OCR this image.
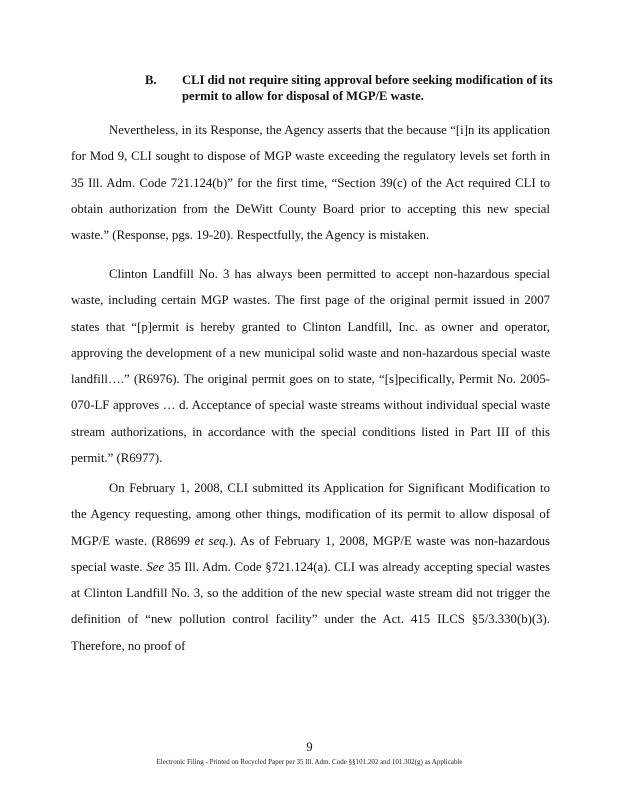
B.	CLI did not require siting approval before seeking modification of its permit to allow for disposal of MGP/E waste.

Nevertheless, in its Response, the Agency asserts that the because “[i]n its application for Mod 9, CLI sought to dispose of MGP waste exceeding the regulatory levels set forth in 35 Ill. Adm. Code 721.124(b)” for the first time, “Section 39(c) of the Act required CLI to obtain authorization from the DeWitt County Board prior to accepting this new special waste.” (Response, pgs. 19-20). Respectfully, the Agency is mistaken.

Clinton Landfill No. 3 has always been permitted to accept non-hazardous special waste, including certain MGP wastes. The first page of the original permit issued in 2007 states that “[p]ermit is hereby granted to Clinton Landfill, Inc. as owner and operator, approving the development of a new municipal solid waste and non-hazardous special waste landfill….” (R6976). The original permit goes on to state, “[s]pecifically, Permit No. 2005-070-LF approves … d. Acceptance of special waste streams without individual special waste stream authorizations, in accordance with the special conditions listed in Part III of this permit.” (R6977).

On February 1, 2008, CLI submitted its Application for Significant Modification to the Agency requesting, among other things, modification of its permit to allow disposal of MGP/E waste. (R8699 et seq.). As of February 1, 2008, MGP/E waste was non-hazardous special waste. See 35 Ill. Adm. Code §721.124(a). CLI was already accepting special wastes at Clinton Landfill No. 3, so the addition of the new special waste stream did not trigger the definition of “new pollution control facility” under the Act. 415 ILCS §5/3.330(b)(3). Therefore, no proof of

9
Electronic Filing - Printed on Recycled Paper per 35 Ill. Adm. Code §§101.202 and 101.302(g) as Applicable
